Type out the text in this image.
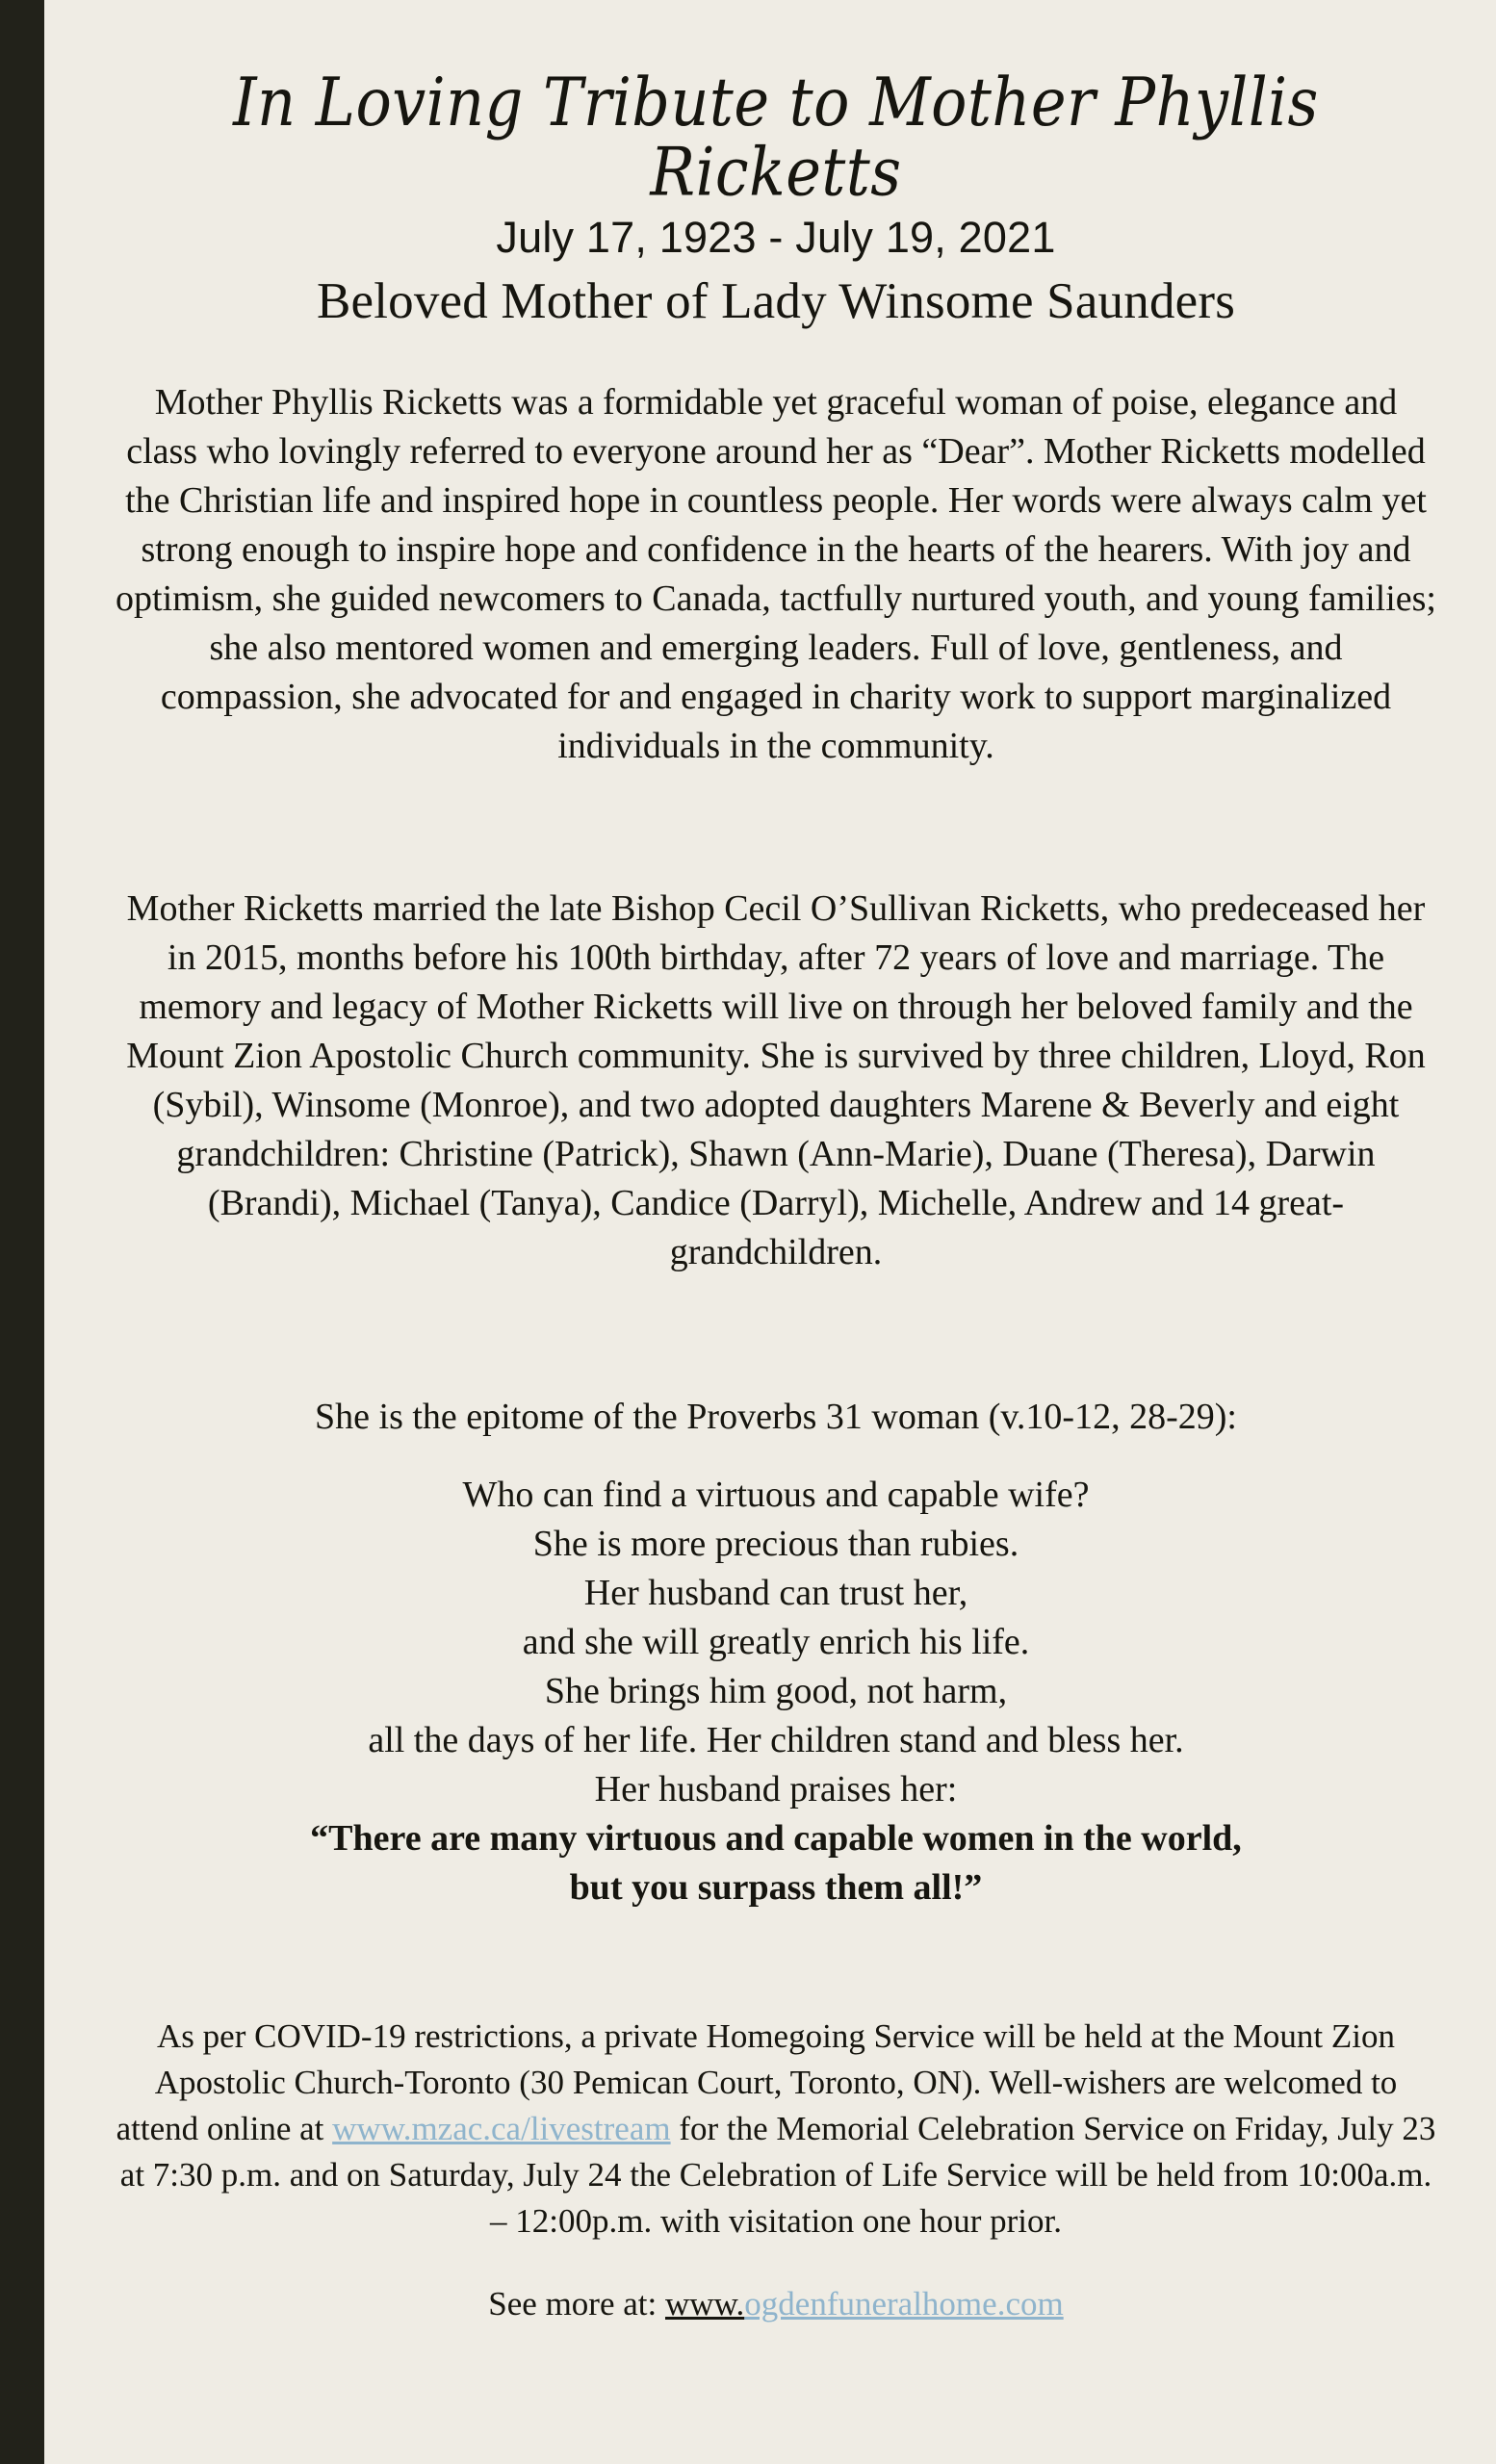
In Loving Tribute to Mother Phyllis Ricketts
July 17, 1923 - July 19, 2021
Beloved Mother of Lady Winsome Saunders

Mother Phyllis Ricketts was a formidable yet graceful woman of poise, elegance and class who lovingly referred to everyone around her as “Dear”. Mother Ricketts modelled the Christian life and inspired hope in countless people. Her words were always calm yet strong enough to inspire hope and confidence in the hearts of the hearers. With joy and optimism, she guided newcomers to Canada, tactfully nurtured youth, and young families; she also mentored women and emerging leaders. Full of love, gentleness, and compassion, she advocated for and engaged in charity work to support marginalized individuals in the community.

Mother Ricketts married the late Bishop Cecil O’Sullivan Ricketts, who predeceased her in 2015, months before his 100th birthday, after 72 years of love and marriage. The memory and legacy of Mother Ricketts will live on through her beloved family and the Mount Zion Apostolic Church community. She is survived by three children, Lloyd, Ron (Sybil), Winsome (Monroe), and two adopted daughters Marene & Beverly and eight grandchildren: Christine (Patrick), Shawn (Ann-Marie), Duane (Theresa), Darwin (Brandi), Michael (Tanya), Candice (Darryl), Michelle, Andrew and 14 great-grandchildren.

She is the epitome of the Proverbs 31 woman (v.10-12, 28-29):

Who can find a virtuous and capable wife?

She is more precious than rubies.

Her husband can trust her,

and she will greatly enrich his life.

She brings him good, not harm,

all the days of her life. Her children stand and bless her.

Her husband praises her:

“There are many virtuous and capable women in the world,

but you surpass them all!”

As per COVID-19 restrictions, a private Homegoing Service will be held at the Mount Zion Apostolic Church-Toronto (30 Pemican Court, Toronto, ON). Well-wishers are welcomed to attend online at www.mzac.ca/livestream for the Memorial Celebration Service on Friday, July 23 at 7:30 p.m. and on Saturday, July 24 the Celebration of Life Service will be held from 10:00a.m. – 12:00p.m. with visitation one hour prior.

See more at: www.ogdenfuneralhome.com
